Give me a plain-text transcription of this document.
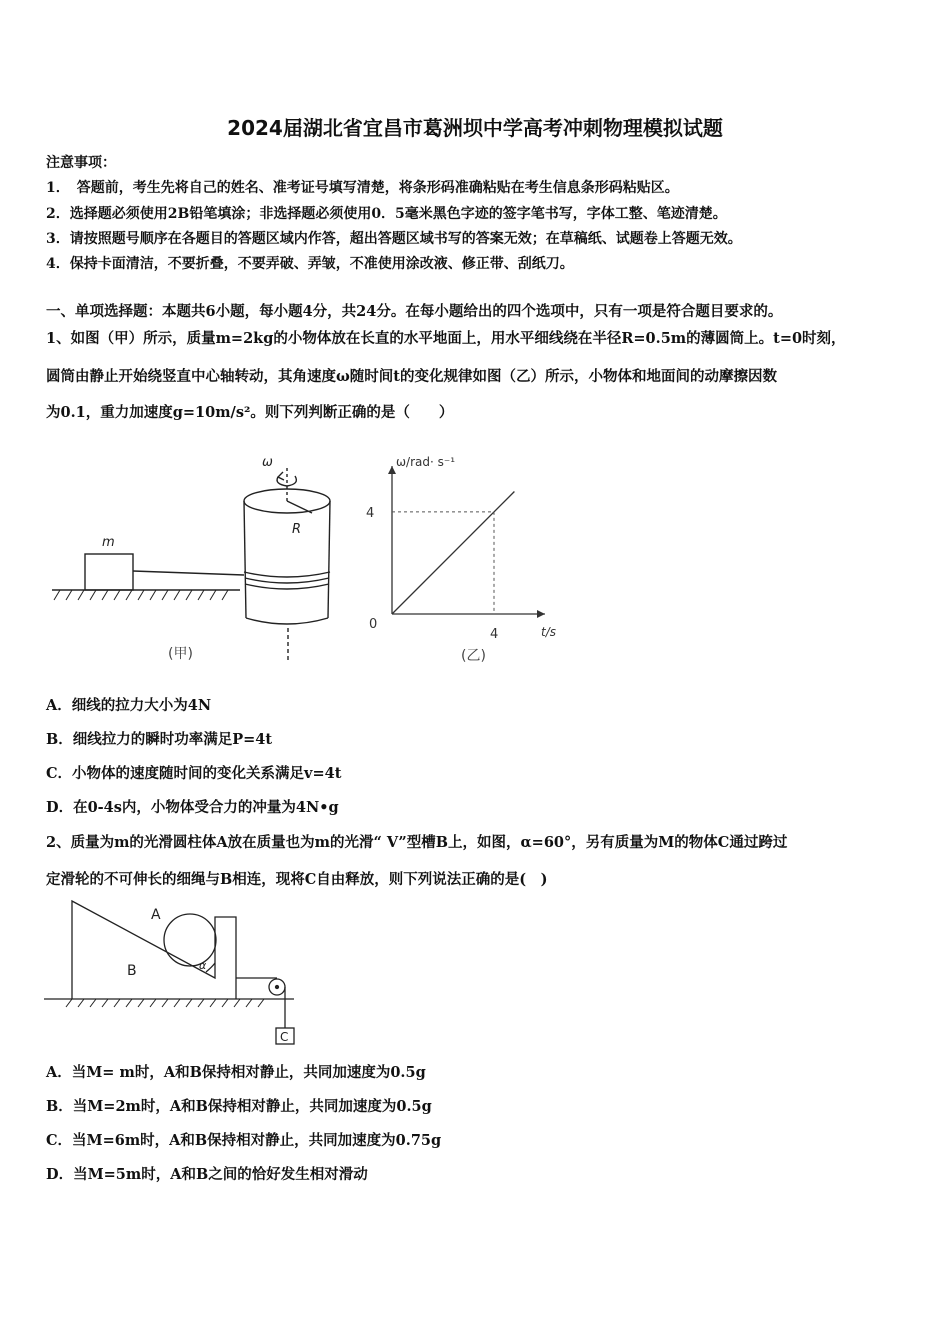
2024届湖北省宜昌市葛洲坝中学高考冲刺物理模拟试题
注意事项：
1．　答题前，考生先将自己的姓名、准考证号填写清楚，将条形码准确粘贴在考生信息条形码粘贴区。
2．选择题必须使用2B铅笔填涂；非选择题必须使用0．5毫米黑色字迹的签字笔书写，字体工整、笔迹清楚。
3．请按照题号顺序在各题目的答题区域内作答，超出答题区域书写的答案无效；在草稿纸、试题卷上答题无效。
4．保持卡面清洁，不要折叠，不要弄破、弄皱，不准使用涂改液、修正带、刮纸刀。
一、单项选择题：本题共6小题，每小题4分，共24分。在每小题给出的四个选项中，只有一项是符合题目要求的。
1、如图（甲）所示，质量m=2kg的小物体放在长直的水平地面上，用水平细线绕在半径R=0.5m的薄圆筒上。t=0时刻，
圆筒由静止开始绕竖直中心轴转动，其角速度ω随时间t的变化规律如图（乙）所示，小物体和地面间的动摩擦因数
为0.1，重力加速度g=10m/s²。则下列判断正确的是（　　）
m
ω
R
(甲)
4
4
0
ω/rad· s⁻¹
t/s
(乙)
A．细线的拉力大小为4N
B．细线拉力的瞬时功率满足P=4t
C．小物体的速度随时间的变化关系满足v=4t
D．在0-4s内，小物体受合力的冲量为4N•g
2、质量为m的光滑圆柱体A放在质量也为m的光滑“ V”型槽B上，如图，α=60°，另有质量为M的物体C通过跨过
定滑轮的不可伸长的细绳与B相连，现将C自由释放，则下列说法正确的是(　)
A
B	α
C
A．当M= m时，A和B保持相对静止，共同加速度为0.5g
B．当M=2m时，A和B保持相对静止，共同加速度为0.5g
C．当M=6m时，A和B保持相对静止，共同加速度为0.75g
D．当M=5m时，A和B之间的恰好发生相对滑动
